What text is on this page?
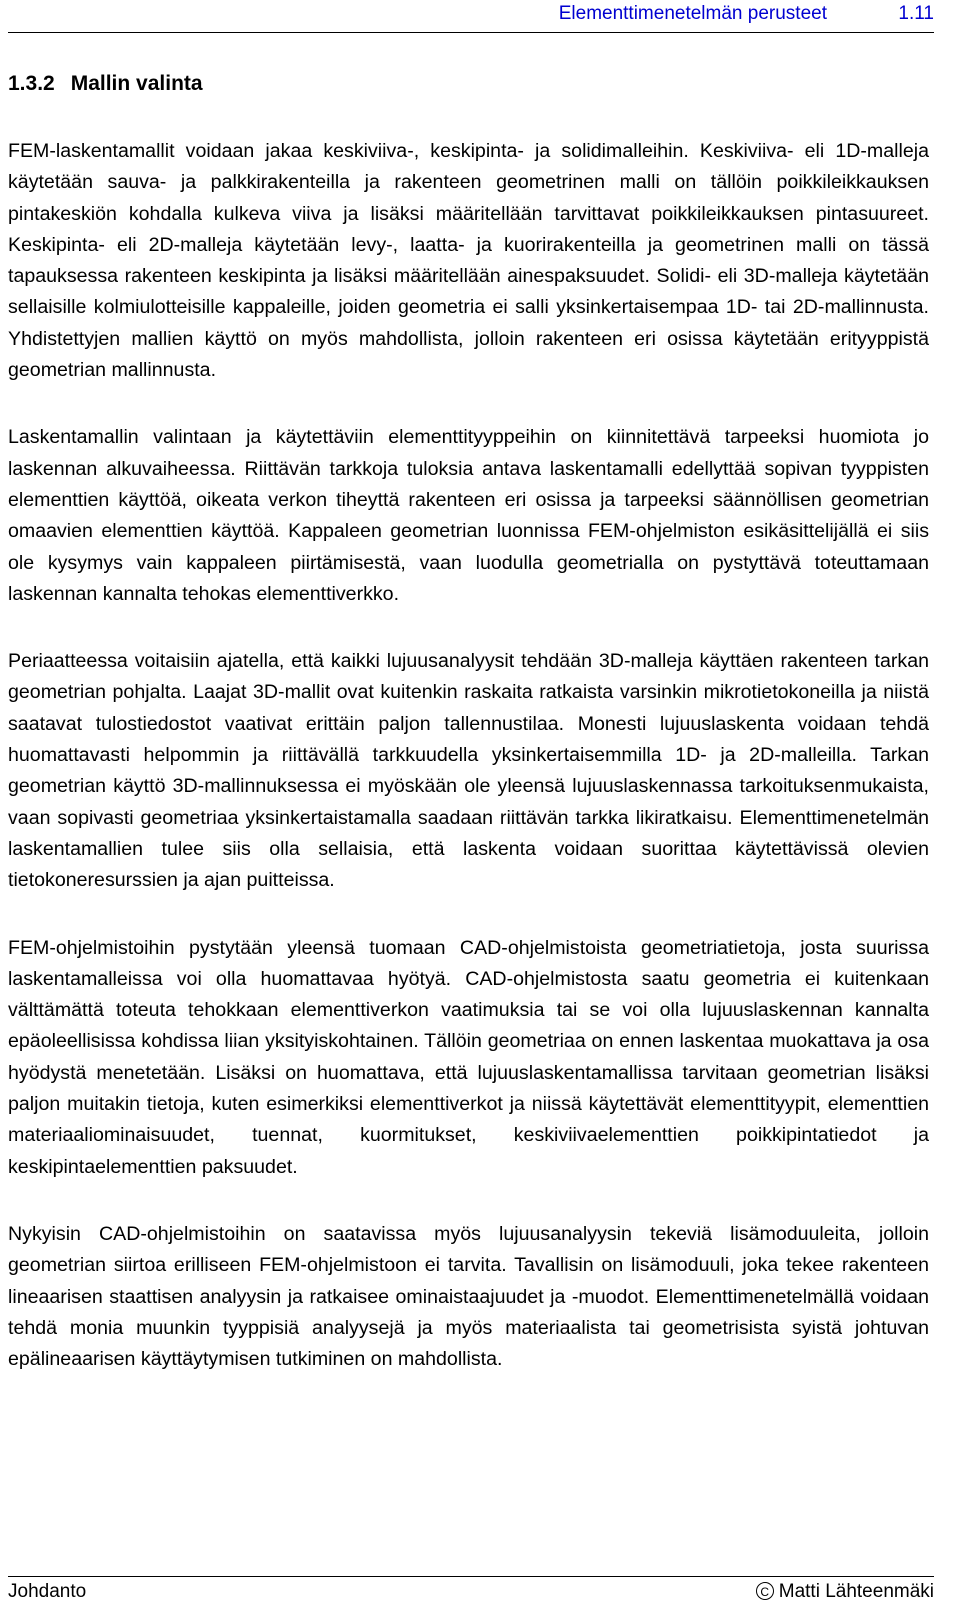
Elementtimenetelmän perusteet	1.11
1.3.2 Mallin valinta

FEM-laskentamallit voidaan jakaa keskiviiva-, keskipinta- ja solidimalleihin. Keskiviiva- eli 1D-malleja käytetään sauva- ja palkkirakenteilla ja rakenteen geometrinen malli on tällöin poikkileikkauksen pintakeskiön kohdalla kulkeva viiva ja lisäksi määritellään tarvittavat poikkileikkauksen pintasuureet. Keskipinta- eli 2D-malleja käytetään levy-, laatta- ja kuorirakenteilla ja geometrinen malli on tässä tapauksessa rakenteen keskipinta ja lisäksi määritellään ainespaksuudet. Solidi- eli 3D-malleja käytetään sellaisille kolmiulotteisille kappaleille, joiden geometria ei salli yksinkertaisempaa 1D- tai 2D-mallinnusta. Yhdistettyjen mallien käyttö on myös mahdollista, jolloin rakenteen eri osissa käytetään erityyppistä geometrian mallinnusta.

Laskentamallin valintaan ja käytettäviin elementtityyppeihin on kiinnitettävä tarpeeksi huomiota jo laskennan alkuvaiheessa. Riittävän tarkkoja tuloksia antava laskentamalli edellyttää sopivan tyyppisten elementtien käyttöä, oikeata verkon tiheyttä rakenteen eri osissa ja tarpeeksi säännöllisen geometrian omaavien elementtien käyttöä. Kappaleen geometrian luonnissa FEM-ohjelmiston esikäsittelijällä ei siis ole kysymys vain kappaleen piirtämisestä, vaan luodulla geometrialla on pystyttävä toteuttamaan laskennan kannalta tehokas elementtiverkko.

Periaatteessa voitaisiin ajatella, että kaikki lujuusanalyysit tehdään 3D-malleja käyttäen rakenteen tarkan geometrian pohjalta. Laajat 3D-mallit ovat kuitenkin raskaita ratkaista varsinkin mikrotietokoneilla ja niistä saatavat tulostiedostot vaativat erittäin paljon tallennustilaa. Monesti lujuuslaskenta voidaan tehdä huomattavasti helpommin ja riittävällä tarkkuudella yksinkertaisemmilla 1D- ja 2D-malleilla. Tarkan geometrian käyttö 3D-mallinnuksessa ei myöskään ole yleensä lujuuslaskennassa tarkoituksenmukaista, vaan sopivasti geometriaa yksinkertaistamalla saadaan riittävän tarkka likiratkaisu. Elementtimenetelmän laskentamallien tulee siis olla sellaisia, että laskenta voidaan suorittaa käytettävissä olevien tietokoneresurssien ja ajan puitteissa.

FEM-ohjelmistoihin pystytään yleensä tuomaan CAD-ohjelmistoista geometriatietoja, josta suurissa laskentamalleissa voi olla huomattavaa hyötyä. CAD-ohjelmistosta saatu geometria ei kuitenkaan välttämättä toteuta tehokkaan elementtiverkon vaatimuksia tai se voi olla lujuuslaskennan kannalta epäoleellisissa kohdissa liian yksityiskohtainen. Tällöin geometriaa on ennen laskentaa muokattava ja osa hyödystä menetetään. Lisäksi on huomattava, että lujuuslaskentamallissa tarvitaan geometrian lisäksi paljon muitakin tietoja, kuten esimerkiksi elementtiverkot ja niissä käytettävät elementtityypit, elementtien materiaaliominaisuudet, tuennat, kuormitukset, keskiviivaelementtien poikkipintatiedot ja keskipintaelementtien paksuudet.

Nykyisin CAD-ohjelmistoihin on saatavissa myös lujuusanalyysin tekeviä lisämoduuleita, jolloin geometrian siirtoa erilliseen FEM-ohjelmistoon ei tarvita. Tavallisin on lisämoduuli, joka tekee rakenteen lineaarisen staattisen analyysin ja ratkaisee ominaistaajuudet ja -muodot. Elementtimenetelmällä voidaan tehdä monia muunkin tyyppisiä analyysejä ja myös materiaalista tai geometrisista syistä johtuvan epälineaarisen käyttäytymisen tutkiminen on mahdollista.

Johdanto	C Matti Lähteenmäki
